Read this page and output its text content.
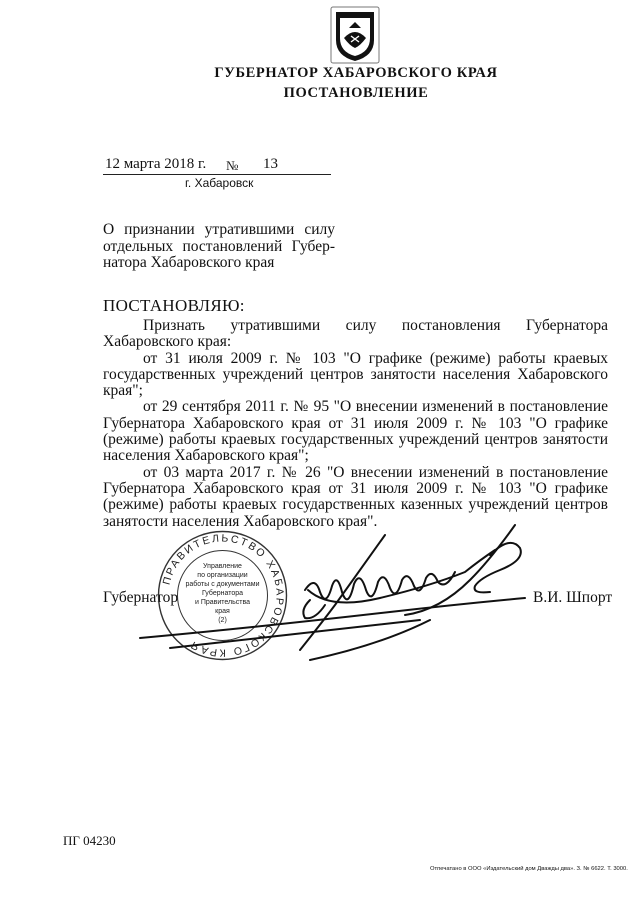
ГУБЕРНАТОР ХАБАРОВСКОГО КРАЯ
ПОСТАНОВЛЕНИЕ
12 марта 2018 г. № 13
г. Хабаровск
О признании утратившими силу отдельных постановлений Губер-натора Хабаровского края
ПОСТАНОВЛЯЮ:

Признать утратившими силу постановления Губернатора Хабаровского края:

от 31 июля 2009 г. № 103 "О графике (режиме) работы краевых государственных учреждений центров занятости населения Хабаровского края";

от 29 сентября 2011 г. № 95 "О внесении изменений в постановление Губернатора Хабаровского края от 31 июля 2009 г. № 103 "О графике (режиме) работы краевых государственных учреждений центров занятости населения Хабаровского края";

от 03 марта 2017 г. № 26 "О внесении изменений в постановление Губернатора Хабаровского края от 31 июля 2009 г. № 103 "О графике (режиме) работы краевых государственных казенных учреждений центров занятости населения Хабаровского края".

Губернатор	В.И. Шпорт
ПРАВИТЕЛЬСТВО ХАБАРОВСКОГО КРАЯ
Управление
по организации
работы с документами
Губернатора
и Правительства
края
(2)
ПГ 04230
Отпечатано в ООО «Издательский дом Дважды два». З. № 6622. Т. 3000.
